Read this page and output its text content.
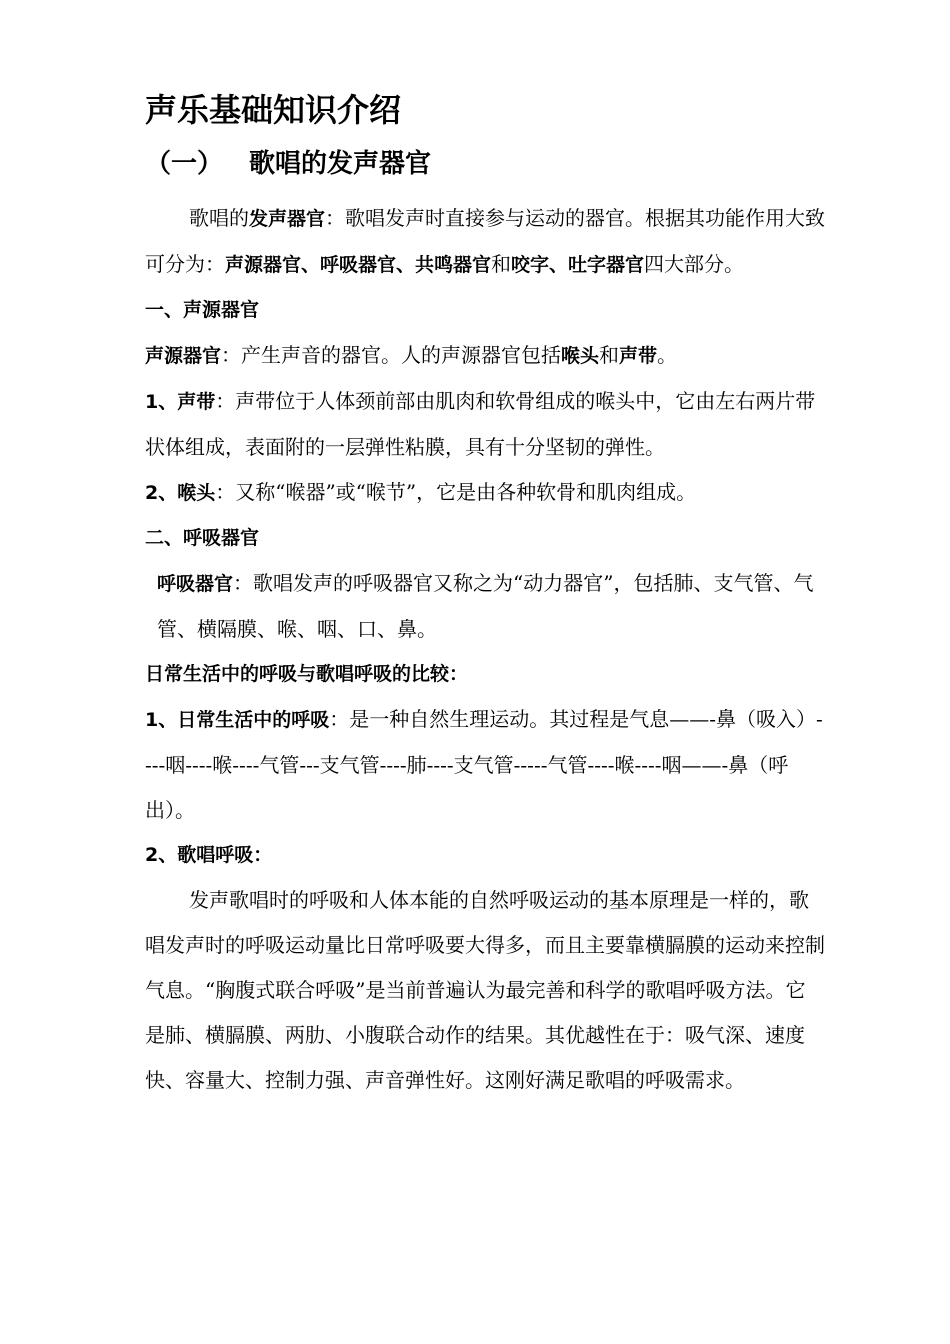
声乐基础知识介绍
（一） 歌唱的发声器官

歌唱的发声器官：歌唱发声时直接参与运动的器官。根据其功能作用大致可分为：声源器官、呼吸器官、共鸣器官和咬字、吐字器官四大部分。

一、声源器官

声源器官：产生声音的器官。人的声源器官包括喉头和声带。

1、声带：声带位于人体颈前部由肌肉和软骨组成的喉头中，它由左右两片带状体组成，表面附的一层弹性粘膜，具有十分坚韧的弹性。

2、喉头：又称“喉器”或“喉节”，它是由各种软骨和肌肉组成。

二、呼吸器官

呼吸器官：歌唱发声的呼吸器官又称之为“动力器官”，包括肺、支气管、气管、横隔膜、喉、咽、口、鼻。

日常生活中的呼吸与歌唱呼吸的比较：

1、日常生活中的呼吸：是一种自然生理运动。其过程是气息——-鼻（吸入）----咽----喉----气管---支气管----肺----支气管-----气管----喉----咽——-鼻（呼出）。

2、歌唱呼吸：

发声歌唱时的呼吸和人体本能的自然呼吸运动的基本原理是一样的，歌唱发声时的呼吸运动量比日常呼吸要大得多，而且主要靠横膈膜的运动来控制气息。“胸腹式联合呼吸”是当前普遍认为最完善和科学的歌唱呼吸方法。它是肺、横膈膜、两肋、小腹联合动作的结果。其优越性在于：吸气深、速度快、容量大、控制力强、声音弹性好。这刚好满足歌唱的呼吸需求。
